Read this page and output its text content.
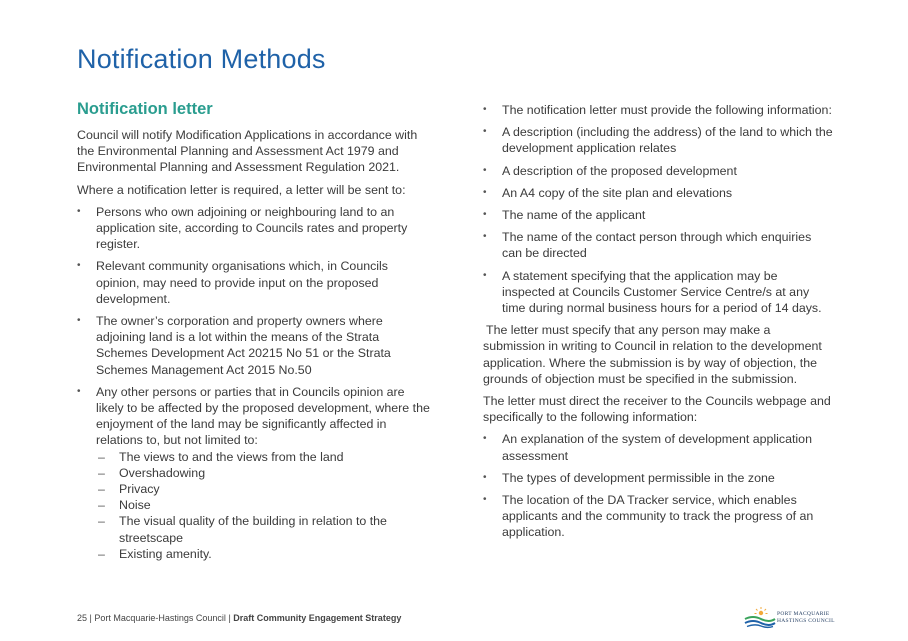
Notification Methods
Notification letter

Council will notify Modification Applications in accordance with the Environmental Planning and Assessment Act 1979 and Environmental Planning and Assessment Regulation 2021.

Where a notification letter is required, a letter will be sent to:

• Persons who own adjoining or neighbouring land to an application site, according to Councils rates and property register.
• Relevant community organisations which, in Councils opinion, may need to provide input on the proposed development.
• The owner’s corporation and property owners where adjoining land is a lot within the means of the Strata Schemes Development Act 20215 No 51 or the Strata Schemes Management Act 2015 No.50
• Any other persons or parties that in Councils opinion are likely to be affected by the proposed development, where the enjoyment of the land may be significantly affected in relations to, but not limited to:
– The views to and the views from the land
– Overshadowing
– Privacy
– Noise
– The visual quality of the building in relation to the streetscape
– Existing amenity.
• The notification letter must provide the following information:
• A description (including the address) of the land to which the development application relates
• A description of the proposed development
• An A4 copy of the site plan and elevations
• The name of the applicant
• The name of the contact person through which enquiries can be directed
• A statement specifying that the application may be inspected at Councils Customer Service Centre/s at any time during normal business hours for a period of 14 days.

The letter must specify that any person may make a submission in writing to Council in relation to the development application. Where the submission is by way of objection, the grounds of objection must be specified in the submission.

The letter must direct the receiver to the Councils webpage and specifically to the following information:

• An explanation of the system of development application assessment
• The types of development permissible in the zone
• The location of the DA Tracker service, which enables applicants and the community to track the progress of an application.
25 | Port Macquarie-Hastings Council | Draft Community Engagement Strategy	PORT MACQUARIE
HASTINGS COUNCIL
